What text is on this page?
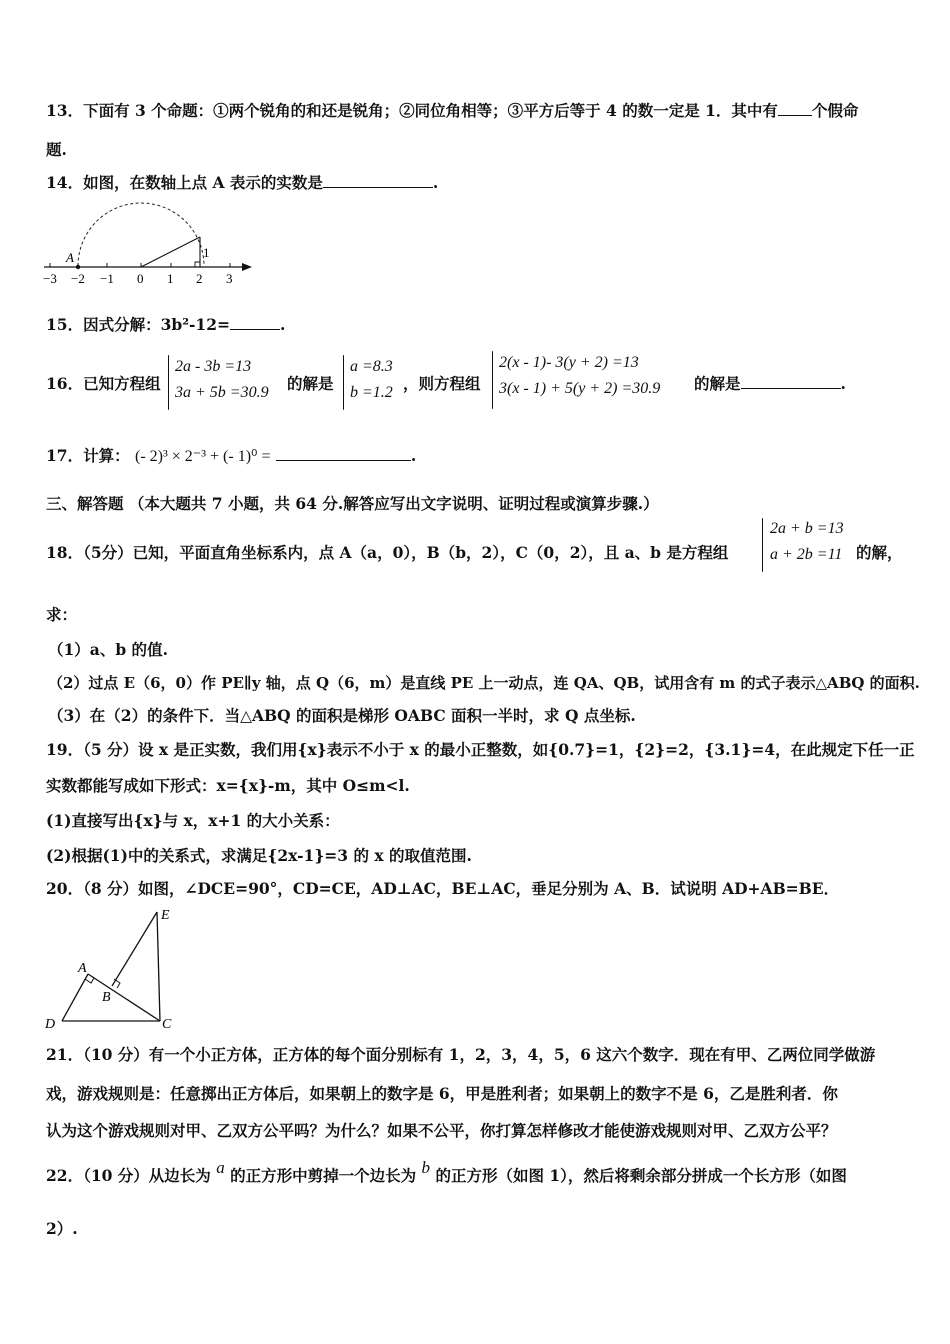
13．下面有 3 个命题：①两个锐角的和还是锐角；②同位角相等；③平方后等于 4 的数一定是 1．其中有 个假命
题.
14．如图，在数轴上点 A 表示的实数是	.
A	1
−3 −2 −1 0 1 2 3
15．因式分解：3b²-12=	.
16．已知方程组
2a - 3b =13
3a + 5b =30.9 的解是
a =8.3
b =1.2 ，则方程组
2(x - 1)- 3(y + 2) =13
3(x - 1) + 5(y + 2) =30.9 的解是	.
17．计算： (- 2)³ × 2⁻³ + (- 1)⁰ =	.
三、解答题 （本大题共 7 小题，共 64 分.解答应写出文字说明、证明过程或演算步骤.）
18．（5分）已知，平面直角坐标系内，点 A（a，0），B（b，2），C（0，2），且 a、b 是方程组
2a + b =13
a + 2b =11 的解，
求：
（1）a、b 的值.
（2）过点 E（6，0）作 PE∥y 轴，点 Q（6，m）是直线 PE 上一动点，连 QA、QB，试用含有 m 的式子表示△ABQ 的面积.
（3）在（2）的条件下．当△ABQ 的面积是梯形 OABC 面积一半时，求 Q 点坐标.
19．（5 分）设 x 是正实数，我们用{x}表示不小于 x 的最小正整数，如{0.7}=1，{2}=2，{3.1}=4，在此规定下任一正
实数都能写成如下形式：x={x}-m，其中 O≤m<l.
(1)直接写出{x}与 x，x+1 的大小关系：
(2)根据(1)中的关系式，求满足{2x-1}=3 的 x 的取值范围.
20．（8 分）如图，∠DCE=90°，CD=CE，AD⊥AC，BE⊥AC，垂足分别为 A、B．试说明 AD+AB=BE．
E
A
B
D	C
21．（10 分）有一个小正方体，正方体的每个面分别标有 1，2，3，4，5，6 这六个数字．现在有甲、乙两位同学做游
戏，游戏规则是：任意掷出正方体后，如果朝上的数字是 6，甲是胜利者；如果朝上的数字不是 6，乙是胜利者．你
认为这个游戏规则对甲、乙双方公平吗？为什么？如果不公平，你打算怎样修改才能使游戏规则对甲、乙双方公平？
22．（10 分）从边长为 a 的正方形中剪掉一个边长为 b 的正方形（如图 1），然后将剩余部分拼成一个长方形（如图
2）.
